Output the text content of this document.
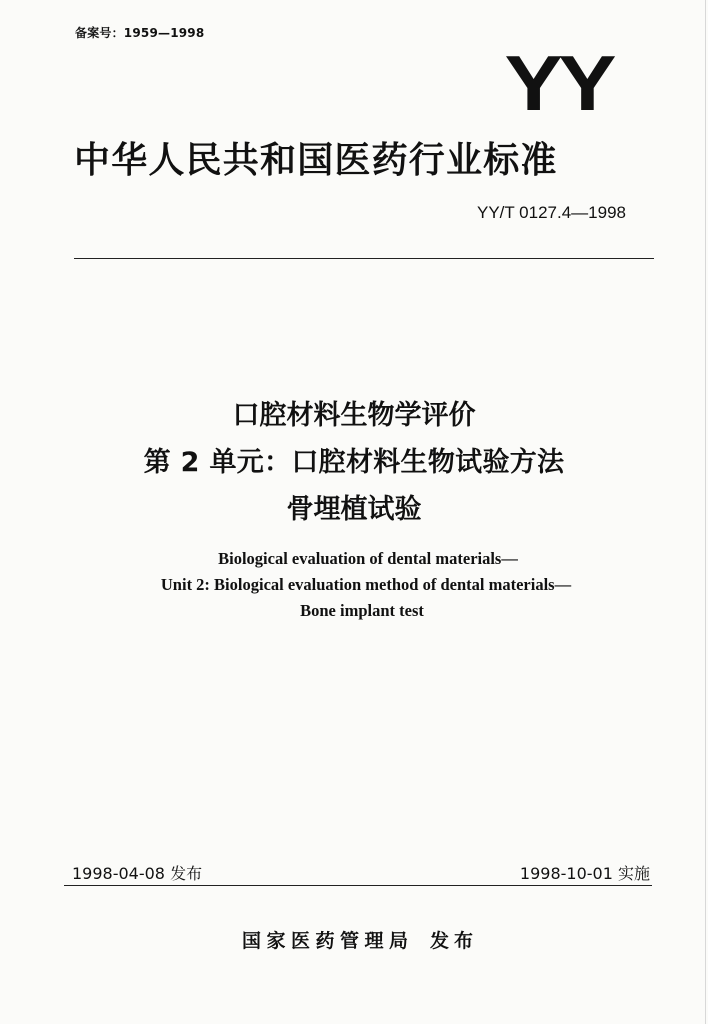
备案号：1959—1998
YY
中华人民共和国医药行业标准
YY/T 0127.4—1998
口腔材料生物学评价
第 2 单元：口腔材料生物试验方法
骨埋植试验
Biological evaluation of dental materials—
Unit 2: Biological evaluation method of dental materials—
Bone implant test
1998-04-08 发布	1998-10-01 实施
国家医药管理局 发布
